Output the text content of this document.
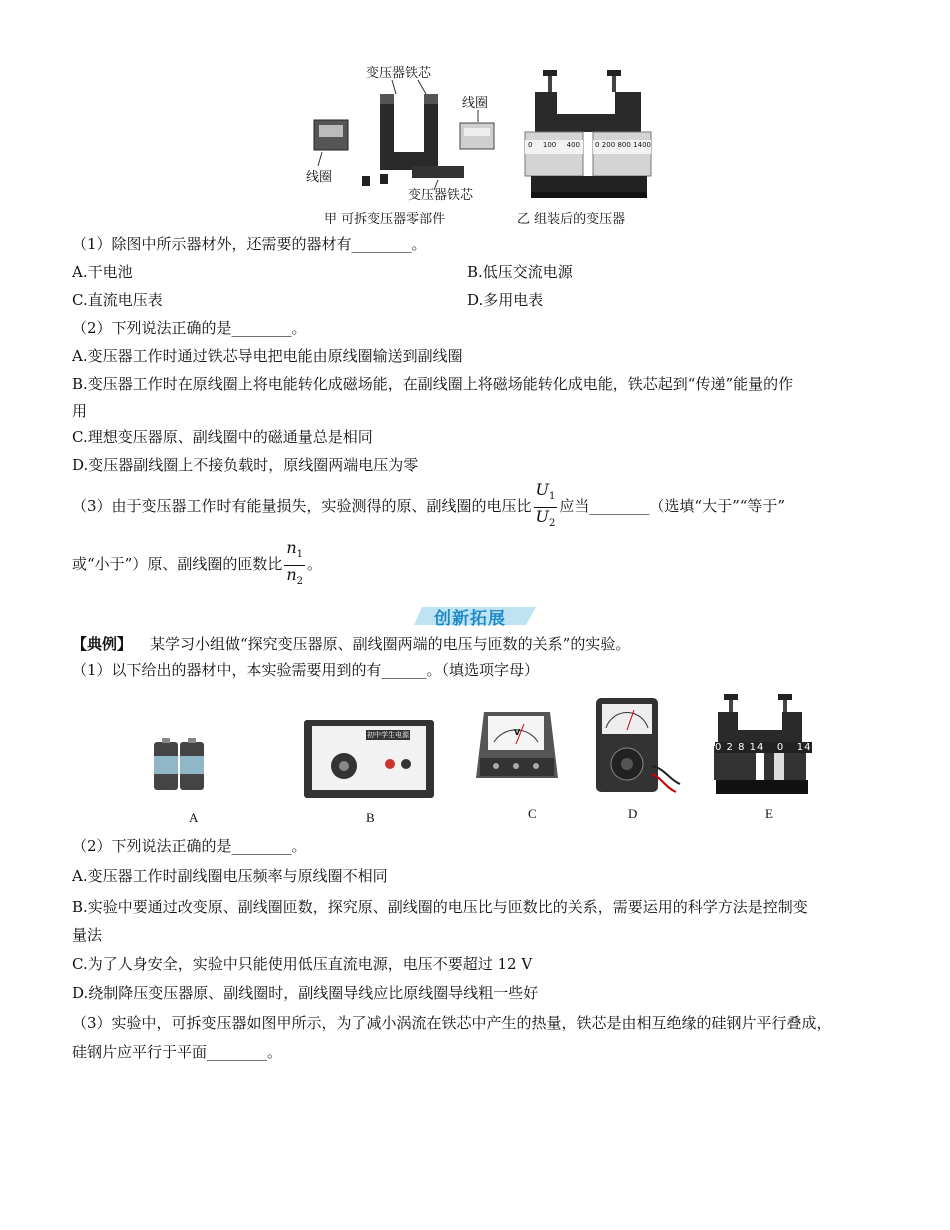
变压器铁芯
线圈
线圈
变压器铁芯
甲 可拆变压器零部件
0 100 400 0 200 800 1400
乙 组装后的变压器
（1）除图中所示器材外，还需要的器材有________。
A.干电池	B.低压交流电源
C.直流电压表	D.多用电表
（2）下列说法正确的是________。
A.变压器工作时通过铁芯导电把电能由原线圈输送到副线圈
B.变压器工作时在原线圈上将电能转化成磁场能，在副线圈上将磁场能转化成电能，铁芯起到“传递”能量的作
用
C.理想变压器原、副线圈中的磁通量总是相同
D.变压器副线圈上不接负载时，原线圈两端电压为零
（3）由于变压器工作时有能量损失，实验测得的原、副线圈的电压比 $\frac{U_1}{U_2}$ 应当________（选填“大于”“等于”
或“小于”）原、副线圈的匝数比 $\frac{n_1}{n_2}$ 。
创新拓展
【典例】 某学习小组做“探究变压器原、副线圈两端的电压与匝数的关系”的实验。
（1）以下给出的器材中，本实验需要用到的有______。（填选项字母）
A
初中学生电源
B
V
C	D
0 2 8 14   0   14
E
（2）下列说法正确的是________。
A.变压器工作时副线圈电压频率与原线圈不相同
B.实验中要通过改变原、副线圈匝数，探究原、副线圈的电压比与匝数比的关系，需要运用的科学方法是控制变
量法
C.为了人身安全，实验中只能使用低压直流电源，电压不要超过 12 V
D.绕制降压变压器原、副线圈时，副线圈导线应比原线圈导线粗一些好
（3）实验中，可拆变压器如图甲所示，为了减小涡流在铁芯中产生的热量，铁芯是由相互绝缘的硅钢片平行叠成，
硅钢片应平行于平面________。
